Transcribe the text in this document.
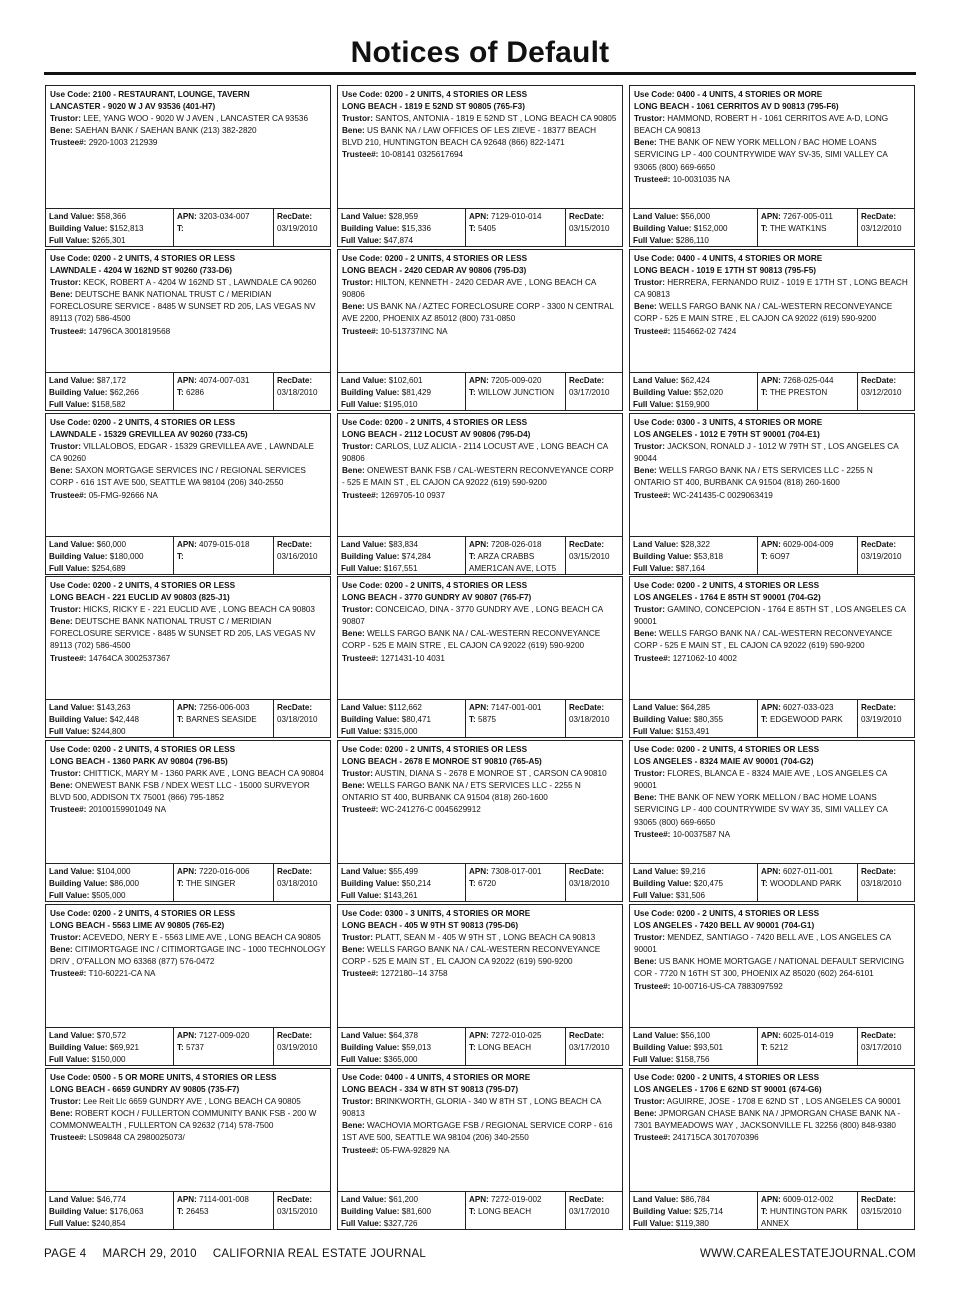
Notices of Default
Use Code: 2100 - RESTAURANT, LOUNGE, TAVERN
LANCASTER - 9020 W J AV 93536 (401-H7)
Trustor: LEE, YANG WOO - 9020 W J AVEN , LANCASTER CA 93536
Bene: SAEHAN BANK / SAEHAN BANK (213) 382-2820
Trustee#: 2920-1003 212939
Land Value: $58,366
Building Value: $152,813
Full Value: $265,301
APN: 3203-034-007
T:
RecDate:
03/19/2010
Use Code: 0200 - 2 UNITS, 4 STORIES OR LESS
LONG BEACH - 1819 E 52ND ST 90805 (765-F3)
Trustor: SANTOS, ANTONIA - 1819 E 52ND ST , LONG BEACH CA 90805
Bene: US BANK NA / LAW OFFICES OF LES ZIEVE - 18377 BEACH BLVD 210, HUNTINGTON BEACH CA 92648 (866) 822-1471
Trustee#: 10-08141 0325617694
Land Value: $28,959
Building Value: $15,336
Full Value: $47,874
APN: 7129-010-014
T: 5405
RecDate:
03/15/2010
Use Code: 0400 - 4 UNITS, 4 STORIES OR MORE
LONG BEACH - 1061 CERRITOS AV D 90813 (795-F6)
Trustor: HAMMOND, ROBERT H - 1061 CERRITOS AVE A-D, LONG BEACH CA 90813
Bene: THE BANK OF NEW YORK MELLON / BAC HOME LOANS SERVICING LP - 400 COUNTRYWIDE WAY SV-35, SIMI VALLEY CA 93065 (800) 669-6650
Trustee#: 10-0031035 NA
Land Value: $56,000
Building Value: $152,000
Full Value: $286,110
APN: 7267-005-011
T: THE WATK1NS
RecDate:
03/12/2010
Use Code: 0200 - 2 UNITS, 4 STORIES OR LESS
LAWNDALE - 4204 W 162ND ST 90260 (733-D6)
Trustor: KECK, ROBERT A - 4204 W 162ND ST , LAWNDALE CA 90260
Bene: DEUTSCHE BANK NATIONAL TRUST C / MERIDIAN FORECLOSURE SERVICE - 8485 W SUNSET RD 205, LAS VEGAS NV 89113 (702) 586-4500
Trustee#: 14796CA 3001819568
Land Value: $87,172
Building Value: $62,266
Full Value: $158,582
APN: 4074-007-031
T: 6286
RecDate:
03/18/2010
Use Code: 0200 - 2 UNITS, 4 STORIES OR LESS
LONG BEACH - 2420 CEDAR AV 90806 (795-D3)
Trustor: HILTON, KENNETH - 2420 CEDAR AVE , LONG BEACH CA 90806
Bene: US BANK NA / AZTEC FORECLOSURE CORP - 3300 N CENTRAL AVE 2200, PHOENIX AZ 85012 (800) 731-0850
Trustee#: 10-513737INC NA
Land Value: $102,601
Building Value: $81,429
Full Value: $195,010
APN: 7205-009-020
T: WILLOW JUNCTION
RecDate:
03/17/2010
Use Code: 0400 - 4 UNITS, 4 STORIES OR MORE
LONG BEACH - 1019 E 17TH ST 90813 (795-F5)
Trustor: HERRERA, FERNANDO RUIZ - 1019 E 17TH ST , LONG BEACH CA 90813
Bene: WELLS FARGO BANK NA / CAL-WESTERN RECONVEYANCE CORP - 525 E MAIN STRE , EL CAJON CA 92022 (619) 590-9200
Trustee#: 1154662-02 7424
Land Value: $62,424
Building Value: $52,020
Full Value: $159,900
APN: 7268-025-044
T: THE PRESTON
RecDate:
03/12/2010
Use Code: 0200 - 2 UNITS, 4 STORIES OR LESS
LAWNDALE - 15329 GREVILLEA AV 90260 (733-C5)
Trustor: VILLALOBOS, EDGAR - 15329 GREVILLEA AVE , LAWNDALE CA 90260
Bene: SAXON MORTGAGE SERVICES INC / REGIONAL SERVICES CORP - 616 1ST AVE 500, SEATTLE WA 98104 (206) 340-2550
Trustee#: 05-FMG-92666 NA
Land Value: $60,000
Building Value: $180,000
Full Value: $254,689
APN: 4079-015-018
T:
RecDate:
03/16/2010
Use Code: 0200 - 2 UNITS, 4 STORIES OR LESS
LONG BEACH - 2112 LOCUST AV 90806 (795-D4)
Trustor: CARLOS, LUZ ALICIA - 2114 LOCUST AVE , LONG BEACH CA 90806
Bene: ONEWEST BANK FSB / CAL-WESTERN RECONVEYANCE CORP - 525 E MAIN ST , EL CAJON CA 92022 (619) 590-9200
Trustee#: 1269705-10 0937
Land Value: $83,834
Building Value: $74,284
Full Value: $167,551
APN: 7208-026-018
T: ARZA CRABBS AMER1CAN AVE, LOT5
RecDate:
03/15/2010
Use Code: 0300 - 3 UNITS, 4 STORIES OR MORE
LOS ANGELES - 1012 E 79TH ST 90001 (704-E1)
Trustor: JACKSON, RONALD J - 1012 W 79TH ST , LOS ANGELES CA 90044
Bene: WELLS FARGO BANK NA / ETS SERVICES LLC - 2255 N ONTARIO ST 400, BURBANK CA 91504 (818) 260-1600
Trustee#: WC-241435-C 0029063419
Land Value: $28,322
Building Value: $53,818
Full Value: $87,164
APN: 6029-004-009
T: 6O97
RecDate:
03/19/2010
Use Code: 0200 - 2 UNITS, 4 STORIES OR LESS
LONG BEACH - 221 EUCLID AV 90803 (825-J1)
Trustor: HICKS, RICKY E - 221 EUCLID AVE , LONG BEACH CA 90803
Bene: DEUTSCHE BANK NATIONAL TRUST C / MERIDIAN FORECLOSURE SERVICE - 8485 W SUNSET RD 205, LAS VEGAS NV 89113 (702) 586-4500
Trustee#: 14764CA 3002537367
Land Value: $143,263
Building Value: $42,448
Full Value: $244,800
APN: 7256-006-003
T: BARNES SEASIDE
RecDate:
03/18/2010
Use Code: 0200 - 2 UNITS, 4 STORIES OR LESS
LONG BEACH - 3770 GUNDRY AV 90807 (765-F7)
Trustor: CONCEICAO, DINA - 3770 GUNDRY AVE , LONG BEACH CA 90807
Bene: WELLS FARGO BANK NA / CAL-WESTERN RECONVEYANCE CORP - 525 E MAIN STRE , EL CAJON CA 92022 (619) 590-9200
Trustee#: 1271431-10 4031
Land Value: $112,662
Building Value: $80,471
Full Value: $315,000
APN: 7147-001-001
T: 5875
RecDate:
03/18/2010
Use Code: 0200 - 2 UNITS, 4 STORIES OR LESS
LOS ANGELES - 1764 E 85TH ST 90001 (704-G2)
Trustor: GAMINO, CONCEPCION - 1764 E 85TH ST , LOS ANGELES CA 90001
Bene: WELLS FARGO BANK NA / CAL-WESTERN RECONVEYANCE CORP - 525 E MAIN ST , EL CAJON CA 92022 (619) 590-9200
Trustee#: 1271062-10 4002
Land Value: $64,285
Building Value: $80,355
Full Value: $153,491
APN: 6027-033-023
T: EDGEWOOD PARK
RecDate:
03/19/2010
Use Code: 0200 - 2 UNITS, 4 STORIES OR LESS
LONG BEACH - 1360 PARK AV 90804 (796-B5)
Trustor: CHITTICK, MARY M - 1360 PARK AVE , LONG BEACH CA 90804
Bene: ONEWEST BANK FSB / NDEX WEST LLC - 15000 SURVEYOR BLVD 500, ADDISON TX 75001 (866) 795-1852
Trustee#: 20100159901049 NA
Land Value: $104,000
Building Value: $86,000
Full Value: $505,000
APN: 7220-016-006
T: THE SINGER
RecDate:
03/18/2010
Use Code: 0200 - 2 UNITS, 4 STORIES OR LESS
LONG BEACH - 2678 E MONROE ST 90810 (765-A5)
Trustor: AUSTIN, DIANA S - 2678 E MONROE ST , CARSON CA 90810
Bene: WELLS FARGO BANK NA / ETS SERVICES LLC - 2255 N ONTARIO ST 400, BURBANK CA 91504 (818) 260-1600
Trustee#: WC-241276-C 0045629912
Land Value: $55,499
Building Value: $50,214
Full Value: $143,261
APN: 7308-017-001
T: 6720
RecDate:
03/18/2010
Use Code: 0200 - 2 UNITS, 4 STORIES OR LESS
LOS ANGELES - 8324 MAIE AV 90001 (704-G2)
Trustor: FLORES, BLANCA E - 8324 MAIE AVE , LOS ANGELES CA 90001
Bene: THE BANK OF NEW YORK MELLON / BAC HOME LOANS SERVICING LP - 400 COUNTRYWIDE SV WAY 35, SIMI VALLEY CA 93065 (800) 669-6650
Trustee#: 10-0037587 NA
Land Value: $9,216
Building Value: $20,475
Full Value: $31,506
APN: 6027-011-001
T: WOODLAND PARK
RecDate:
03/18/2010
Use Code: 0200 - 2 UNITS, 4 STORIES OR LESS
LONG BEACH - 5563 LIME AV 90805 (765-E2)
Trustor: ACEVEDO, NERY E - 5563 LIME AVE , LONG BEACH CA 90805
Bene: CITIMORTGAGE INC / CITIMORTGAGE INC - 1000 TECHNOLOGY DRIV , O'FALLON MO 63368 (877) 576-0472
Trustee#: T10-60221-CA NA
Land Value: $70,572
Building Value: $69,921
Full Value: $150,000
APN: 7127-009-020
T: 5737
RecDate:
03/19/2010
Use Code: 0300 - 3 UNITS, 4 STORIES OR MORE
LONG BEACH - 405 W 9TH ST 90813 (795-D6)
Trustor: PLATT, SEAN M - 405 W 9TH ST , LONG BEACH CA 90813
Bene: WELLS FARGO BANK NA / CAL-WESTERN RECONVEYANCE CORP - 525 E MAIN ST , EL CAJON CA 92022 (619) 590-9200
Trustee#: 1272180--14 3758
Land Value: $64,378
Building Value: $59,013
Full Value: $365,000
APN: 7272-010-025
T: LONG BEACH
RecDate:
03/17/2010
Use Code: 0200 - 2 UNITS, 4 STORIES OR LESS
LOS ANGELES - 7420 BELL AV 90001 (704-G1)
Trustor: MENDEZ, SANTIAGO - 7420 BELL AVE , LOS ANGELES CA 90001
Bene: US BANK HOME MORTGAGE / NATIONAL DEFAULT SERVICING COR - 7720 N 16TH ST 300, PHOENIX AZ 85020 (602) 264-6101
Trustee#: 10-00716-US-CA 7883097592
Land Value: $56,100
Building Value: $93,501
Full Value: $158,756
APN: 6025-014-019
T: 5212
RecDate:
03/17/2010
Use Code: 0500 - 5 OR MORE UNITS, 4 STORIES OR LESS
LONG BEACH - 6659 GUNDRY AV 90805 (735-F7)
Trustor: Lee Reit Llc 6659 GUNDRY AVE , LONG BEACH CA 90805
Bene: ROBERT KOCH / FULLERTON COMMUNITY BANK FSB - 200 W COMMONWEALTH , FULLERTON CA 92632 (714) 578-7500
Trustee#: LS09848 CA 2980025073/
Land Value: $46,774
Building Value: $176,063
Full Value: $240,854
APN: 7114-001-008
T: 26453
RecDate:
03/15/2010
Use Code: 0400 - 4 UNITS, 4 STORIES OR MORE
LONG BEACH - 334 W 8TH ST 90813 (795-D7)
Trustor: BRINKWORTH, GLORIA - 340 W 8TH ST , LONG BEACH CA 90813
Bene: WACHOVIA MORTGAGE FSB / REGIONAL SERVICE CORP - 616 1ST AVE 500, SEATTLE WA 98104 (206) 340-2550
Trustee#: 05-FWA-92829 NA
Land Value: $61,200
Building Value: $81,600
Full Value: $327,726
APN: 7272-019-002
T: LONG BEACH
RecDate:
03/17/2010
Use Code: 0200 - 2 UNITS, 4 STORIES OR LESS
LOS ANGELES - 1706 E 62ND ST 90001 (674-G6)
Trustor: AGUIRRE, JOSE - 1708 E 62ND ST , LOS ANGELES CA 90001
Bene: JPMORGAN CHASE BANK NA / JPMORGAN CHASE BANK NA - 7301 BAYMEADOWS WAY , JACKSONVILLE FL 32256 (800) 848-9380
Trustee#: 241715CA 3017070396
Land Value: $86,784
Building Value: $25,714
Full Value: $119,380
APN: 6009-012-002
T: HUNTINGTON PARK ANNEX
RecDate:
03/15/2010
PAGE 4 MARCH 29, 2010 CALIFORNIA REAL ESTATE JOURNAL	WWW.CAREALESTATEJOURNAL.COM
